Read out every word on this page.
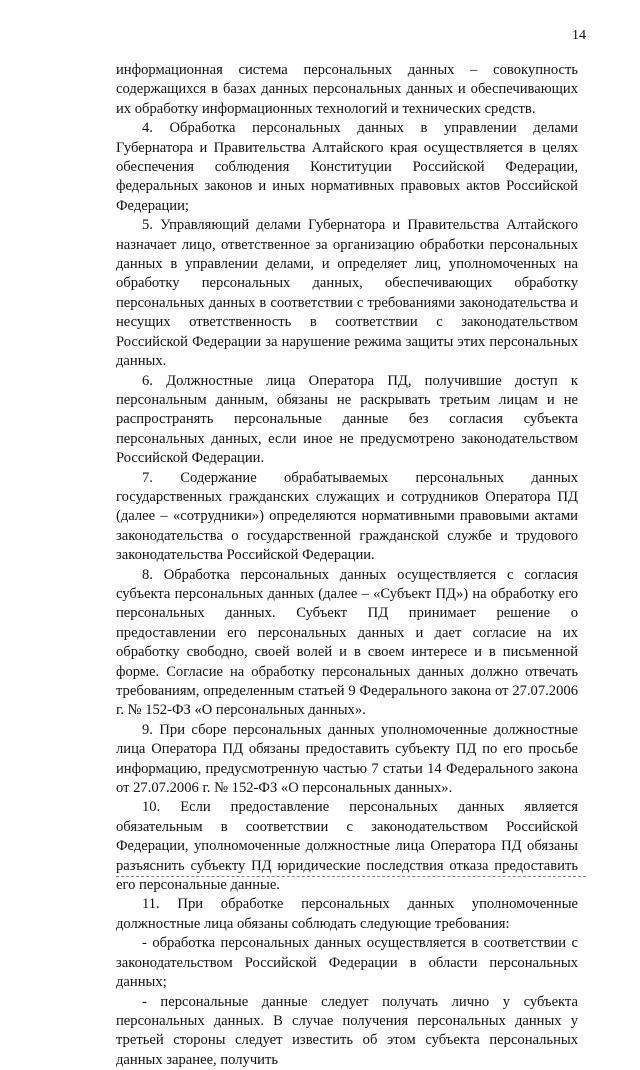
14

информационная система персональных данных – совокупность содержащихся в базах данных персональных данных и обеспечивающих их обработку информационных технологий и технических средств.

4. Обработка персональных данных в управлении делами Губернатора и Правительства Алтайского края осуществляется в целях обеспечения соблюдения Конституции Российской Федерации, федеральных законов и иных нормативных правовых актов Российской Федерации;

5. Управляющий делами Губернатора и Правительства Алтайского назначает лицо, ответственное за организацию обработки персональных данных в управлении делами, и определяет лиц, уполномоченных на обработку персональных данных, обеспечивающих обработку персональных данных в соответствии с требованиями законодательства и несущих ответственность в соответствии с законодательством Российской Федерации за нарушение режима защиты этих персональных данных.

6. Должностные лица Оператора ПД, получившие доступ к персональным данным, обязаны не раскрывать третьим лицам и не распространять персональные данные без согласия субъекта персональных данных, если иное не предусмотрено законодательством Российской Федерации.

7. Содержание обрабатываемых персональных данных государственных гражданских служащих и сотрудников Оператора ПД (далее – «сотрудники») определяются нормативными правовыми актами законодательства о государственной гражданской службе и трудового законодательства Российской Федерации.

8. Обработка персональных данных осуществляется с согласия субъекта персональных данных (далее – «Субъект ПД») на обработку его персональных данных. Субъект ПД принимает решение о предоставлении его персональных данных и дает согласие на их обработку свободно, своей волей и в своем интересе и в письменной форме. Согласие на обработку персональных данных должно отвечать требованиям, определенным статьей 9 Федерального закона от 27.07.2006 г. № 152-ФЗ «О персональных данных».

9. При сборе персональных данных уполномоченные должностные лица Оператора ПД обязаны предоставить субъекту ПД по его просьбе информацию, предусмотренную частью 7 статьи 14 Федерального закона от 27.07.2006 г. № 152-ФЗ «О персональных данных».

10. Если предоставление персональных данных является обязательным в соответствии с законодательством Российской Федерации, уполномоченные должностные лица Оператора ПД обязаны разъяснить субъекту ПД юридические последствия отказа предоставить его персональные данные.

11. При обработке персональных данных уполномоченные должностные лица обязаны соблюдать следующие требования:

- обработка персональных данных осуществляется в соответствии с законодательством Российской Федерации в области персональных данных;

- персональные данные следует получать лично у субъекта персональных данных. В случае получения персональных данных у третьей стороны следует известить об этом субъекта персональных данных заранее, получить
